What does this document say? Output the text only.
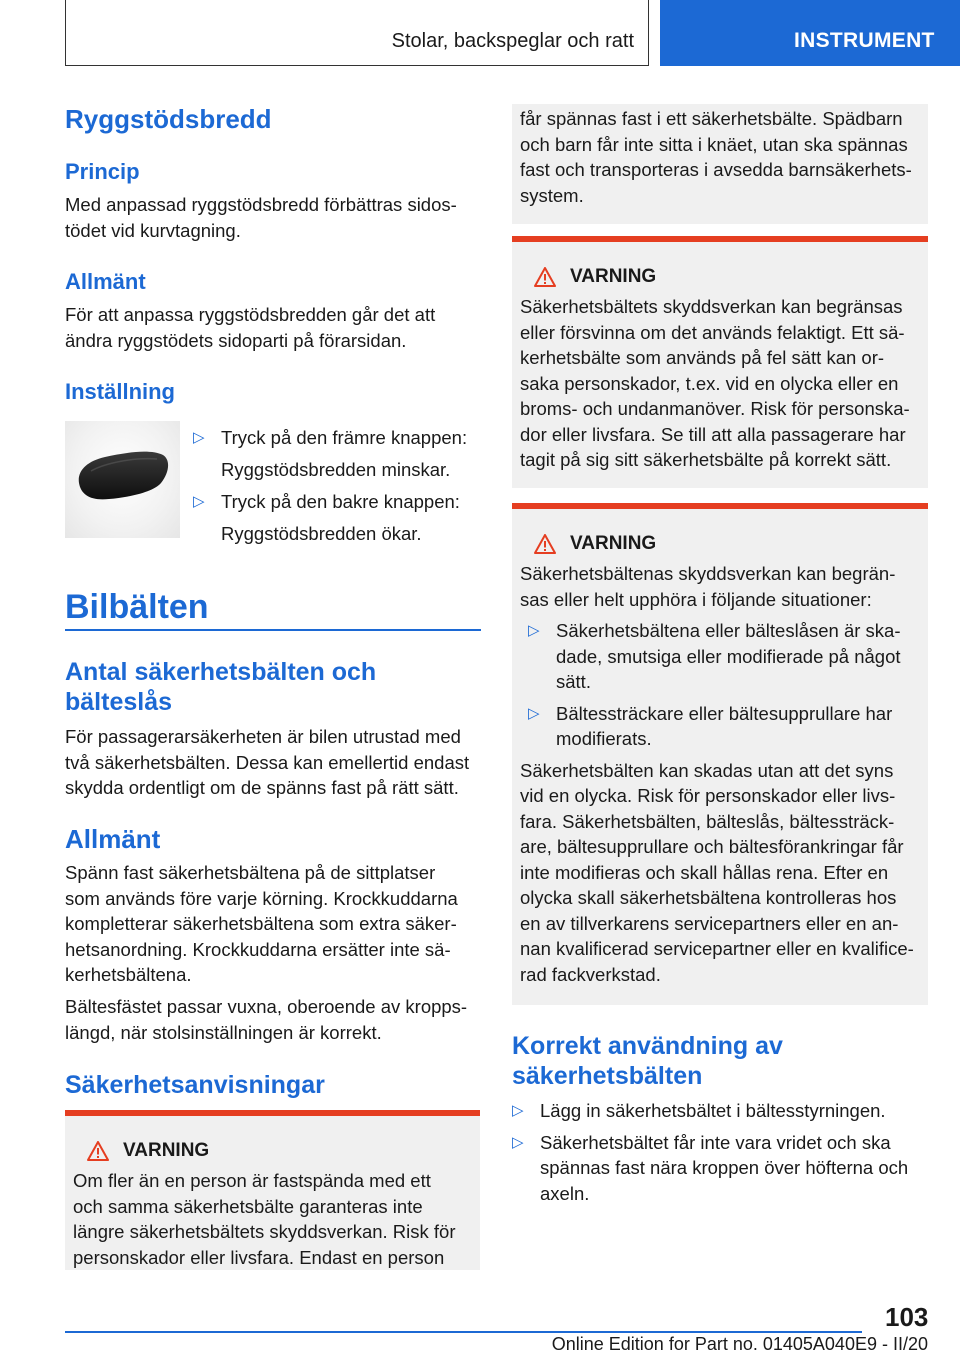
Stolar, backspeglar och ratt	INSTRUMENT
Ryggstödsbredd
Princip
Med anpassad ryggstödsbredd förbättras sidos-
tödet vid kurvtagning.
Allmänt
För att anpassa ryggstödsbredden går det att
ändra ryggstödets sidoparti på förarsidan.
Inställning
▷ Tryck på den främre knappen:
Ryggstödsbredden minskar.
▷ Tryck på den bakre knappen:
Ryggstödsbredden ökar.
Bilbälten
Antal säkerhetsbälten och
bälteslås
För passagerarsäkerheten är bilen utrustad med
två säkerhetsbälten. Dessa kan emellertid endast
skydda ordentligt om de spänns fast på rätt sätt.
Allmänt
Spänn fast säkerhetsbältena på de sittplatser
som används före varje körning. Krockkuddarna
kompletterar säkerhetsbältena som extra säker-
hetsanordning. Krockkuddarna ersätter inte sä-
kerhetsbältena.
Bältesfästet passar vuxna, oberoende av kropps-
längd, när stolsinställningen är korrekt.
Säkerhetsanvisningar
VARNING
Om fler än en person är fastspända med ett
och samma säkerhetsbälte garanteras inte
längre säkerhetsbältets skyddsverkan. Risk för
personskador eller livsfara. Endast en person
får spännas fast i ett säkerhetsbälte. Spädbarn
och barn får inte sitta i knäet, utan ska spännas
fast och transporteras i avsedda barnsäkerhets-
system.
VARNING
Säkerhetsbältets skyddsverkan kan begränsas
eller försvinna om det används felaktigt. Ett sä-
kerhetsbälte som används på fel sätt kan or-
saka personskador, t.ex. vid en olycka eller en
broms- och undanmanöver. Risk för personska-
dor eller livsfara. Se till att alla passagerare har
tagit på sig sitt säkerhetsbälte på korrekt sätt.
VARNING
Säkerhetsbältenas skyddsverkan kan begrän-
sas eller helt upphöra i följande situationer:
▷ Säkerhetsbältena eller bälteslåsen är ska-
dade, smutsiga eller modifierade på något
sätt.
▷ Bältessträckare eller bältesupprullare har
modifierats.
Säkerhetsbälten kan skadas utan att det syns
vid en olycka. Risk för personskador eller livs-
fara. Säkerhetsbälten, bälteslås, bältessträck-
are, bältesupprullare och bältesförankringar får
inte modifieras och skall hållas rena. Efter en
olycka skall säkerhetsbältena kontrolleras hos
en av tillverkarens servicepartners eller en an-
nan kvalificerad servicepartner eller en kvalifice-
rad fackverkstad.
Korrekt användning av
säkerhetsbälten
▷ Lägg in säkerhetsbältet i bältesstyrningen.
▷ Säkerhetsbältet får inte vara vridet och ska
spännas fast nära kroppen över höfterna och
axeln.
103
Online Edition for Part no. 01405A040E9 - II/20
